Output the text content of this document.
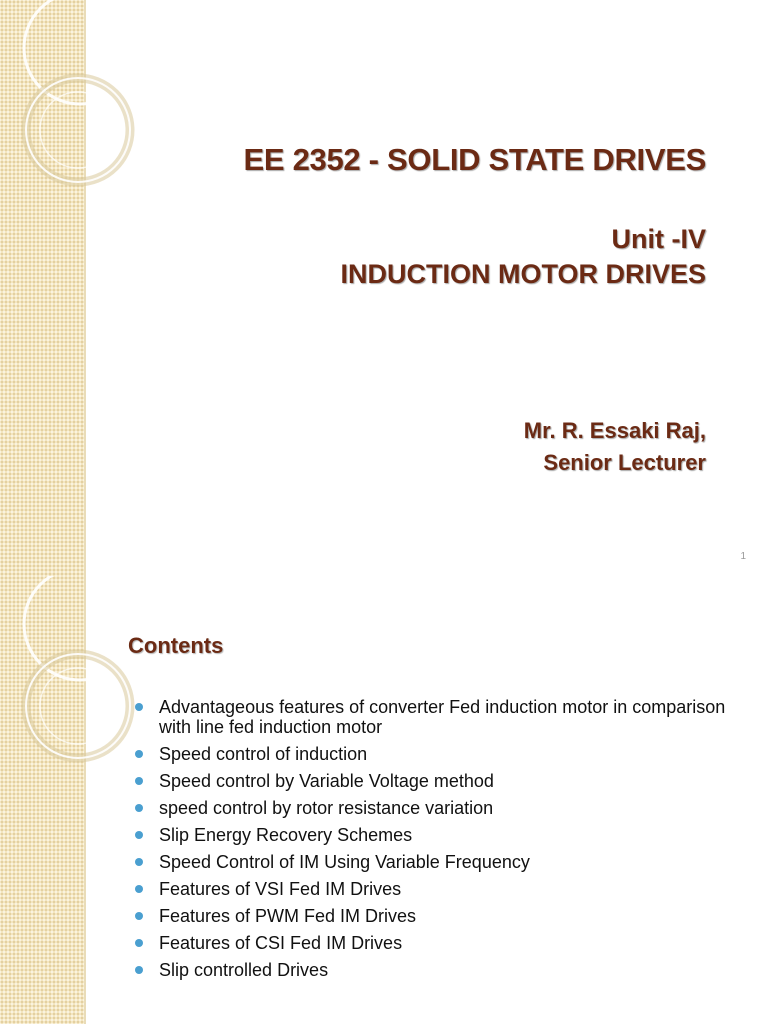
EE 2352 - SOLID STATE DRIVES
Unit -IV
INDUCTION MOTOR DRIVES
Mr. R. Essaki Raj,
Senior Lecturer
1
Contents
Advantageous features of converter Fed induction motor in comparison with line fed induction motor
Speed control of induction
Speed control by Variable Voltage method
speed control by rotor resistance variation
Slip Energy Recovery Schemes
Speed Control of IM Using Variable Frequency
Features of VSI Fed IM Drives
Features of PWM Fed IM Drives
Features of CSI Fed IM Drives
Slip controlled Drives
